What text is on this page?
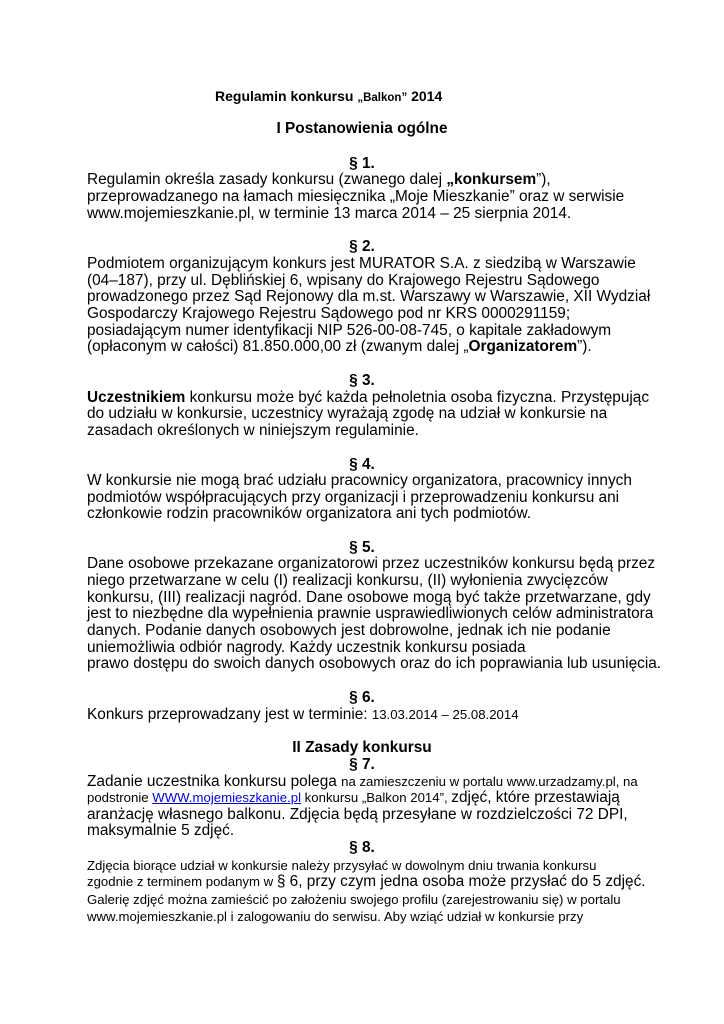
Regulamin konkursu „Balkon” 2014
I Postanowienia ogólne
§ 1.
Regulamin określa zasady konkursu (zwanego dalej „konkursem”),
przeprowadzanego na łamach miesięcznika „Moje Mieszkanie” oraz w serwisie
www.mojemieszkanie.pl, w terminie 13 marca 2014 – 25 sierpnia 2014.
§ 2.
Podmiotem organizującym konkurs jest MURATOR S.A. z siedzibą w Warszawie
(04–187), przy ul. Dęblińskiej 6, wpisany do Krajowego Rejestru Sądowego
prowadzonego przez Sąd Rejonowy dla m.st. Warszawy w Warszawie, XII Wydział
Gospodarczy Krajowego Rejestru Sądowego pod nr KRS 0000291159;
posiadającym numer identyfikacji NIP 526-00-08-745, o kapitale zakładowym
(opłaconym w całości) 81.850.000,00 zł (zwanym dalej „Organizatorem”).
§ 3.
Uczestnikiem konkursu może być każda pełnoletnia osoba fizyczna. Przystępując
do udziału w konkursie, uczestnicy wyrażają zgodę na udział w konkursie na
zasadach określonych w niniejszym regulaminie.
§ 4.
W konkursie nie mogą brać udziału pracownicy organizatora, pracownicy innych
podmiotów współpracujących przy organizacji i przeprowadzeniu konkursu ani
członkowie rodzin pracowników organizatora ani tych podmiotów.
§ 5.
Dane osobowe przekazane organizatorowi przez uczestników konkursu będą przez
niego przetwarzane w celu (I) realizacji konkursu, (II) wyłonienia zwycięzców
konkursu, (III) realizacji nagród. Dane osobowe mogą być także przetwarzane, gdy
jest to niezbędne dla wypełnienia prawnie usprawiedliwionych celów administratora
danych. Podanie danych osobowych jest dobrowolne, jednak ich nie podanie
uniemożliwia odbiór nagrody. Każdy uczestnik konkursu posiada
prawo dostępu do swoich danych osobowych oraz do ich poprawiania lub usunięcia.
§ 6.
Konkurs przeprowadzany jest w terminie: 13.03.2014 – 25.08.2014
II Zasady konkursu
§ 7.
Zadanie uczestnika konkursu polega na zamieszczeniu w portalu www.urzadzamy.pl, na
podstronie WWW.mojemieszkanie.pl konkursu „Balkon 2014”, zdjęć, które przestawiają
aranżację własnego balkonu. Zdjęcia będą przesyłane w rozdzielczości 72 DPI,
maksymalnie 5 zdjęć.
§ 8.
Zdjęcia biorące udział w konkursie należy przysyłać w dowolnym dniu trwania konkursu
zgodnie z terminem podanym w § 6, przy czym jedna osoba może przysłać do 5 zdjęć.
Galerię zdjęć można zamieścić po założeniu swojego profilu (zarejestrowaniu się) w portalu
www.mojemieszkanie.pl i zalogowaniu do serwisu. Aby wziąć udział w konkursie przy
